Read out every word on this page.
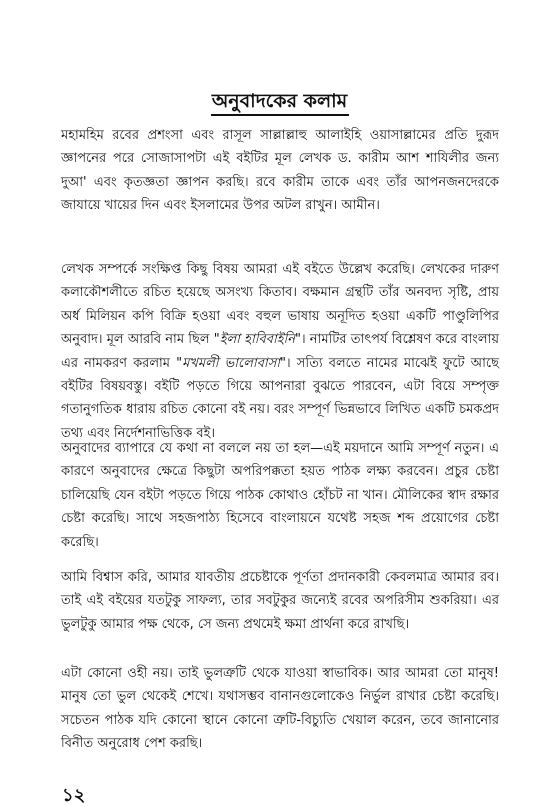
অনুবাদকের কলাম

মহামহিম রবের প্রশংসা এবং রাসূল সাল্লাল্লাহু আলাইহি ওয়াসাল্লামের প্রতি দুরূদ জ্ঞাপনের পরে সোজাসাপটা এই বইটির মূল লেখক ড. কারীম আশ শাযিলীর জন্য দুআ' এবং কৃতজ্ঞতা জ্ঞাপন করছি। রবে কারীম তাকে এবং তাঁর আপনজনদেরকে জাযায়ে খায়ের দিন এবং ইসলামের উপর অটল রাখুন। আমীন।

লেখক সম্পর্কে সংক্ষিপ্ত কিছু বিষয় আমরা এই বইতে উল্লেখ করেছি। লেখকের দারুণ কলাকৌশলীতে রচিত হয়েছে অসংখ্য কিতাব। বক্ষমান গ্রন্থটি তাঁর অনবদ্য সৃষ্টি, প্রায় অর্ধ মিলিয়ন কপি বিক্রি হওয়া এবং বহুল ভাষায় অনূদিত হওয়া একটি পাণ্ডুলিপির অনুবাদ। মূল আরবি নাম ছিল "ইলা হাবিবাইনি"। নামটির তাৎপর্য বিশ্লেষণ করে বাংলায় এর নামকরণ করলাম "মখমলী ভালোবাসা"। সত্যি বলতে নামের মাঝেই ফুটে আছে বইটির বিষয়বস্তু। বইটি পড়তে গিয়ে আপনারা বুঝতে পারবেন, এটা বিয়ে সম্পৃক্ত গতানুগতিক ধারায় রচিত কোনো বই নয়। বরং সম্পূর্ণ ভিন্নভাবে লিখিত একটি চমকপ্রদ তথ্য এবং নির্দেশনাভিত্তিক বই।

অনুবাদের ব্যাপারে যে কথা না বললে নয় তা হল—এই ময়দানে আমি সম্পূর্ণ নতুন। এ কারণে অনুবাদের ক্ষেত্রে কিছুটা অপরিপক্কতা হয়ত পাঠক লক্ষ্য করবেন। প্রচুর চেষ্টা চালিয়েছি যেন বইটা পড়তে গিয়ে পাঠক কোথাও হোঁচট না খান। মৌলিকের স্বাদ রক্ষার চেষ্টা করেছি। সাথে সহজপাঠ্য হিসেবে বাংলায়নে যথেষ্ট সহজ শব্দ প্রয়োগের চেষ্টা করেছি।

আমি বিশ্বাস করি, আমার যাবতীয় প্রচেষ্টাকে পূর্ণতা প্রদানকারী কেবলমাত্র আমার রব। তাই এই বইয়ের যতটুকু সাফল্য, তার সবটুকুর জন্যেই রবের অপরিসীম শুকরিয়া। এর ভুলটুকু আমার পক্ষ থেকে, সে জন্য প্রথমেই ক্ষমা প্রার্থনা করে রাখছি।

এটা কোনো ওহী নয়। তাই ভুলত্রুটি থেকে যাওয়া স্বাভাবিক। আর আমরা তো মানুষ! মানুষ তো ভুল থেকেই শেখে। যথাসম্ভব বানানগুলোকেও নির্ভুল রাখার চেষ্টা করেছি। সচেতন পাঠক যদি কোনো স্থানে কোনো ত্রুটি-বিচ্যুতি খেয়াল করেন, তবে জানানোর বিনীত অনুরোধ পেশ করছি।

১২
